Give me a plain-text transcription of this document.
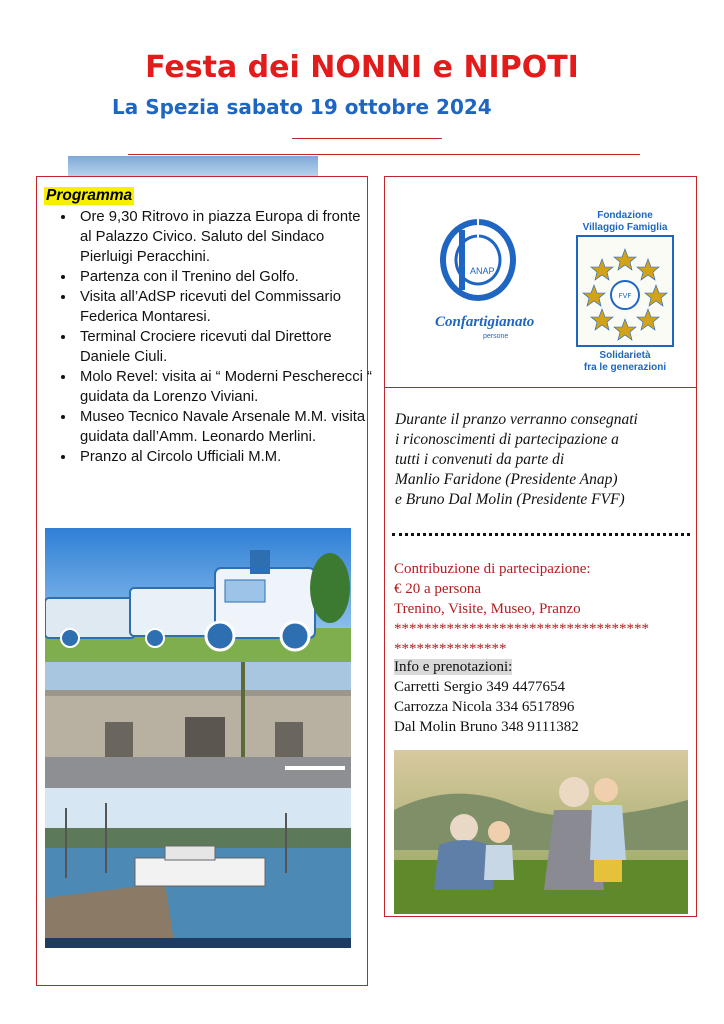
Festa dei NONNI e NIPOTI
La Spezia sabato 19 ottobre 2024
Programma
• Ore 9,30 Ritrovo in piazza Europa di fronte al Palazzo Civico. Saluto del Sindaco Pierluigi Peracchini.
• Partenza con il Trenino del Golfo.
• Visita all’AdSP ricevuti del Commissario Federica Montaresi.
• Terminal Crociere ricevuti dal Direttore Daniele Ciuli.
• Molo Revel: visita ai “ Moderni Pescherecci “ guidata da Lorenzo Viviani.
• Museo Tecnico Navale Arsenale M.M. visita guidata dall’Amm. Leonardo Merlini.
• Pranzo al Circolo Ufficiali M.M.
ANAP
Confartigianato
persone
Fondazione
Villaggio Famiglia
FVF
Solidarietà
fra le generazioni
Durante il pranzo verranno consegnati
i riconoscimenti di partecipazione a
tutti i convenuti da parte di
Manlio Faridone (Presidente Anap)
e Bruno Dal Molin (Presidente FVF)
Contribuzione di partecipazione:
€ 20 a persona
Trenino, Visite, Museo, Pranzo
**********************************
***************
Info e prenotazioni:
Carretti Sergio 349 4477654
Carrozza Nicola 334 6517896
Dal Molin Bruno 348 9111382
